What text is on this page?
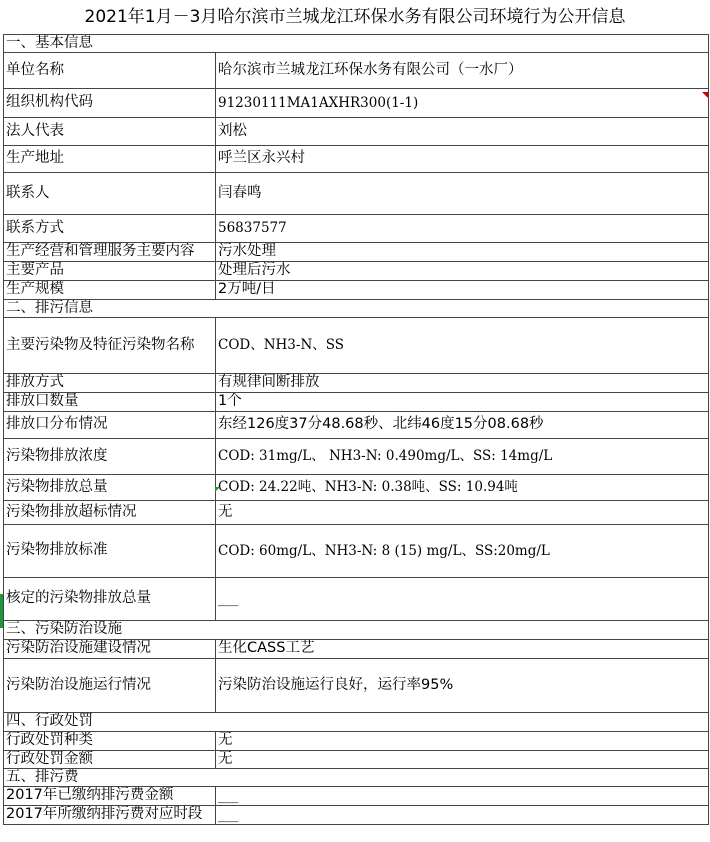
2021年1月－3月哈尔滨市兰城龙江环保水务有限公司环境行为公开信息
一、基本信息	
单位名称	哈尔滨市兰城龙江环保水务有限公司（一水厂）
组织机构代码	91230111MA1AXHR300(1-1)
法人代表	刘松
生产地址	呼兰区永兴村
联系人	闫春鸣
联系方式	56837577
生产经营和管理服务主要内容	污水处理
主要产品	处理后污水
生产规模	2万吨/日
二、排污信息	
主要污染物及特征污染物名称	COD、NH3-N、SS
排放方式	有规律间断排放
排放口数量	1个
排放口分布情况	东经126度37分48.68秒、北纬46度15分08.68秒
污染物排放浓度	COD: 31mg/L、 NH3-N: 0.490mg/L、SS: 14mg/L
污染物排放总量	COD: 24.22吨、NH3-N: 0.38吨、SS: 10.94吨
污染物排放超标情况	无
污染物排放标准	COD: 60mg/L、NH3-N: 8 (15) mg/L、SS:20mg/L
核定的污染物排放总量	___
三、污染防治设施	
污染防治设施建设情况	生化CASS工艺
污染防治设施运行情况	污染防治设施运行良好，运行率95%
四、行政处罚	
行政处罚种类	无
行政处罚金额	无
五、排污费	
2017年已缴纳排污费金额	___
2017年所缴纳排污费对应时段	___
